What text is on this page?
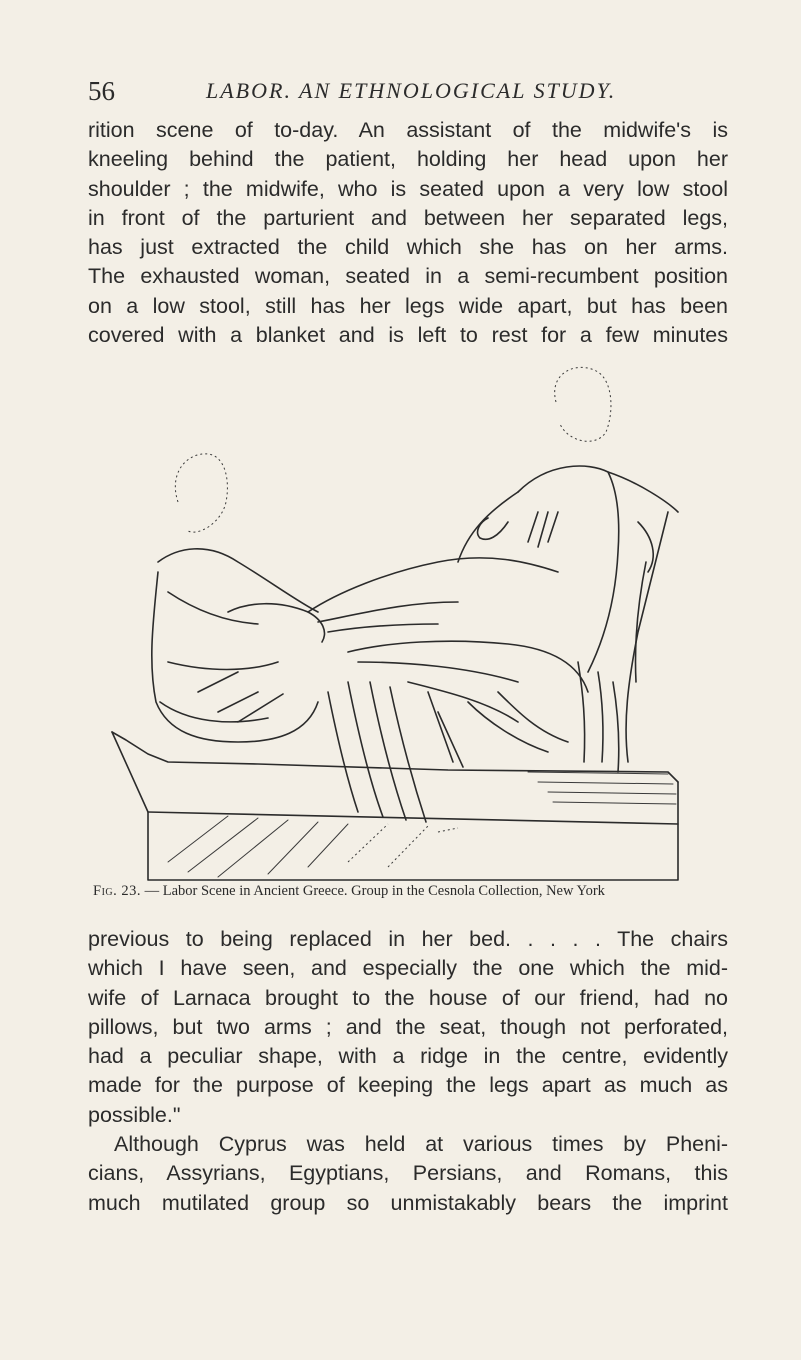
56	LABOR. AN ETHNOLOGICAL STUDY.

rition scene of to-day. An assistant of the midwife's is
kneeling behind the patient, holding her head upon her
shoulder ; the midwife, who is seated upon a very low stool
in front of the parturient and between her separated legs,
has just extracted the child which she has on her arms.
The exhausted woman, seated in a semi-recumbent position
on a low stool, still has her legs wide apart, but has been
covered with a blanket and is left to rest for a few minutes

Fig. 23. — Labor Scene in Ancient Greece. Group in the Cesnola Collection, New York

previous to being replaced in her bed. . . . . The chairs
which I have seen, and especially the one which the mid-
wife of Larnaca brought to the house of our friend, had no
pillows, but two arms ; and the seat, though not perforated,
had a peculiar shape, with a ridge in the centre, evidently
made for the purpose of keeping the legs apart as much as
possible."
Although Cyprus was held at various times by Pheni-
cians, Assyrians, Egyptians, Persians, and Romans, this
much mutilated group so unmistakably bears the imprint
